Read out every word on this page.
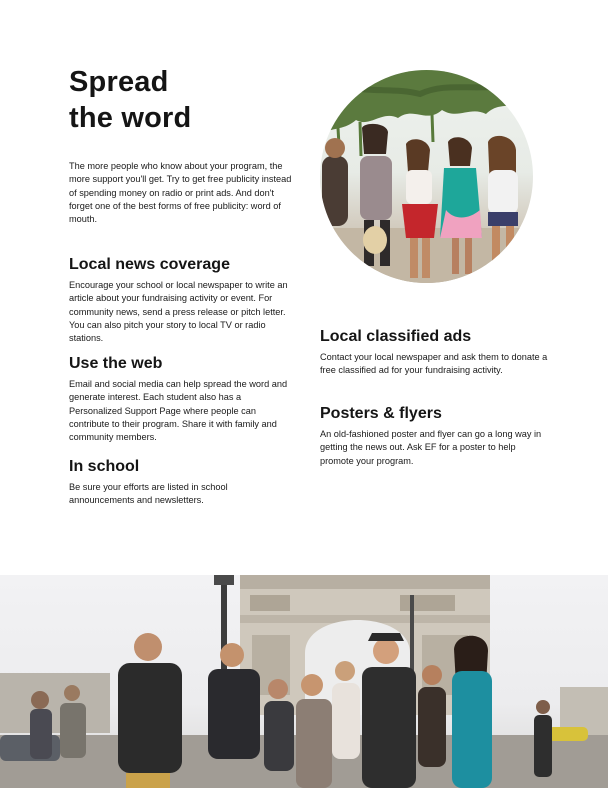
Spread
the word

The more people who know about your program, the more support you'll get. Try to get free publicity instead of spending money on radio or print ads. And don't forget one of the best forms of free publicity: word of mouth.

Local news coverage

Encourage your school or local newspaper to write an article about your fundraising activity or event. For community news, send a press release or pitch letter. You can also pitch your story to local TV or radio stations.

Use the web

Email and social media can help spread the word and generate interest. Each student also has a Personalized Support Page where people can contribute to their program. Share it with family and community members.

In school

Be sure your efforts are listed in school announcements and newsletters.

Local classified ads

Contact your local newspaper and ask them to donate a free classified ad for your fundraising activity.

Posters & flyers

An old-fashioned poster and flyer can go a long way in getting the news out. Ask EF for a poster to help promote your program.
